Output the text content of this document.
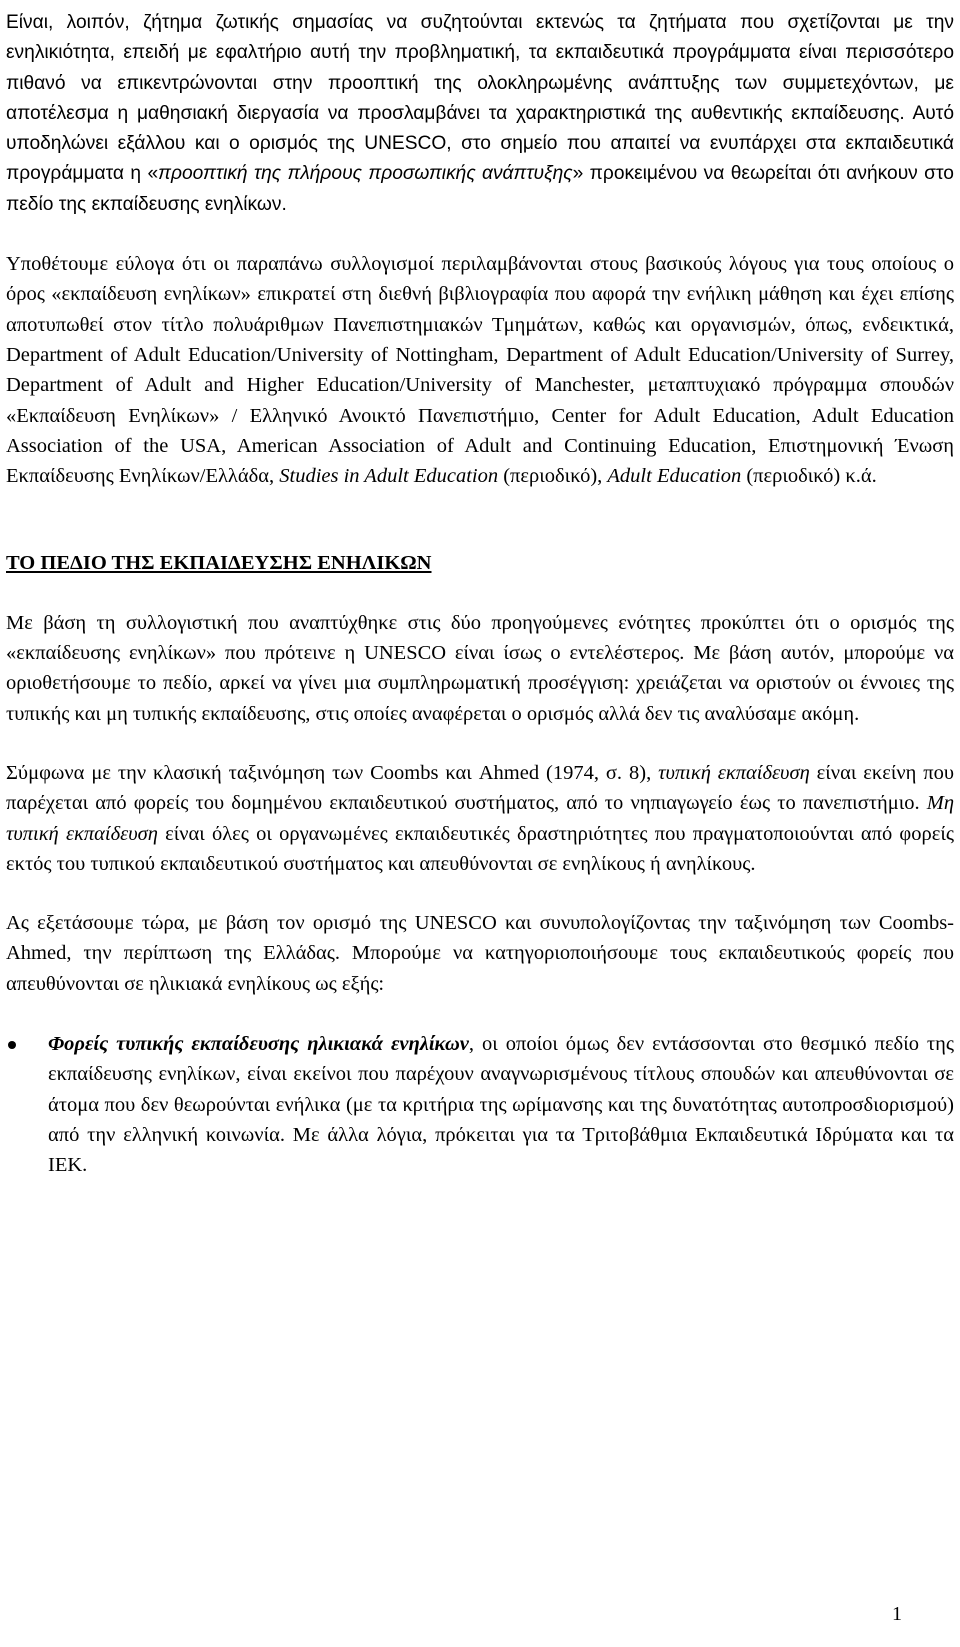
Είναι, λοιπόν, ζήτημα ζωτικής σημασίας να συζητούνται εκτενώς τα ζητήματα που σχετίζονται με την ενηλικιότητα, επειδή με εφαλτήριο αυτή την προβληματική, τα εκπαιδευτικά προγράμματα είναι περισσότερο πιθανό να επικεντρώνονται στην προοπτική της ολοκληρωμένης ανάπτυξης των συμμετεχόντων, με αποτέλεσμα η μαθησιακή διεργασία να προσλαμβάνει τα χαρακτηριστικά της αυθεντικής εκπαίδευσης. Αυτό υποδηλώνει εξάλλου και ο ορισμός της UNESCO, στο σημείο που απαιτεί να ενυπάρχει στα εκπαιδευτικά προγράμματα η «προοπτική της πλήρους προσωπικής ανάπτυξης» προκειμένου να θεωρείται ότι ανήκουν στο πεδίο της εκπαίδευσης ενηλίκων.

Υποθέτουμε εύλογα ότι οι παραπάνω συλλογισμοί περιλαμβάνονται στους βασικούς λόγους για τους οποίους ο όρος «εκπαίδευση ενηλίκων» επικρατεί στη διεθνή βιβλιογραφία που αφορά την ενήλικη μάθηση και έχει επίσης αποτυπωθεί στον τίτλο πολυάριθμων Πανεπιστημιακών Τμημάτων, καθώς και οργανισμών, όπως, ενδεικτικά, Department of Adult Education/University of Nottingham, Department of Adult Education/University of Surrey, Department of Adult and Higher Education/University of Manchester, μεταπτυχιακό πρόγραμμα σπουδών «Εκπαίδευση Ενηλίκων» / Ελληνικό Ανοικτό Πανεπιστήμιο, Center for Adult Education, Adult Education Association of the USA, American Association of Adult and Continuing Education, Επιστημονική Ένωση Εκπαίδευσης Ενηλίκων/Ελλάδα, Studies in Adult Education (περιοδικό), Adult Education (περιοδικό) κ.ά.

ΤΟ ΠΕΔΙΟ ΤΗΣ ΕΚΠΑΙΔΕΥΣΗΣ ΕΝΗΛΙΚΩΝ

Με βάση τη συλλογιστική που αναπτύχθηκε στις δύο προηγούμενες ενότητες προκύπτει ότι ο ορισμός της «εκπαίδευσης ενηλίκων» που πρότεινε η UNESCO είναι ίσως ο εντελέστερος. Με βάση αυτόν, μπορούμε να οριοθετήσουμε το πεδίο, αρκεί να γίνει μια συμπληρωματική προσέγγιση: χρειάζεται να οριστούν οι έννοιες της τυπικής και μη τυπικής εκπαίδευσης, στις οποίες αναφέρεται ο ορισμός αλλά δεν τις αναλύσαμε ακόμη.

Σύμφωνα με την κλασική ταξινόμηση των Coombs και Ahmed (1974, σ. 8), τυπική εκπαίδευση είναι εκείνη που παρέχεται από φορείς του δομημένου εκπαιδευτικού συστήματος, από το νηπιαγωγείο έως το πανεπιστήμιο. Μη τυπική εκπαίδευση είναι όλες οι οργανωμένες εκπαιδευτικές δραστηριότητες που πραγματοποιούνται από φορείς εκτός του τυπικού εκπαιδευτικού συστήματος και απευθύνονται σε ενηλίκους ή ανηλίκους.

Ας εξετάσουμε τώρα, με βάση τον ορισμό της UNESCO και συνυπολογίζοντας την ταξινόμηση των Coombs-Ahmed, την περίπτωση της Ελλάδας. Μπορούμε να κατηγοριοποιήσουμε τους εκπαιδευτικούς φορείς που απευθύνονται σε ηλικιακά ενηλίκους ως εξής:

Φορείς τυπικής εκπαίδευσης ηλικιακά ενηλίκων, οι οποίοι όμως δεν εντάσσονται στο θεσμικό πεδίο της εκπαίδευσης ενηλίκων, είναι εκείνοι που παρέχουν αναγνωρισμένους τίτλους σπουδών και απευθύνονται σε άτομα που δεν θεωρούνται ενήλικα (με τα κριτήρια της ωρίμανσης και της δυνατότητας αυτοπροσδιορισμού) από την ελληνική κοινωνία. Με άλλα λόγια, πρόκειται για τα Τριτοβάθμια Εκπαιδευτικά Ιδρύματα και τα ΙΕΚ.
1
